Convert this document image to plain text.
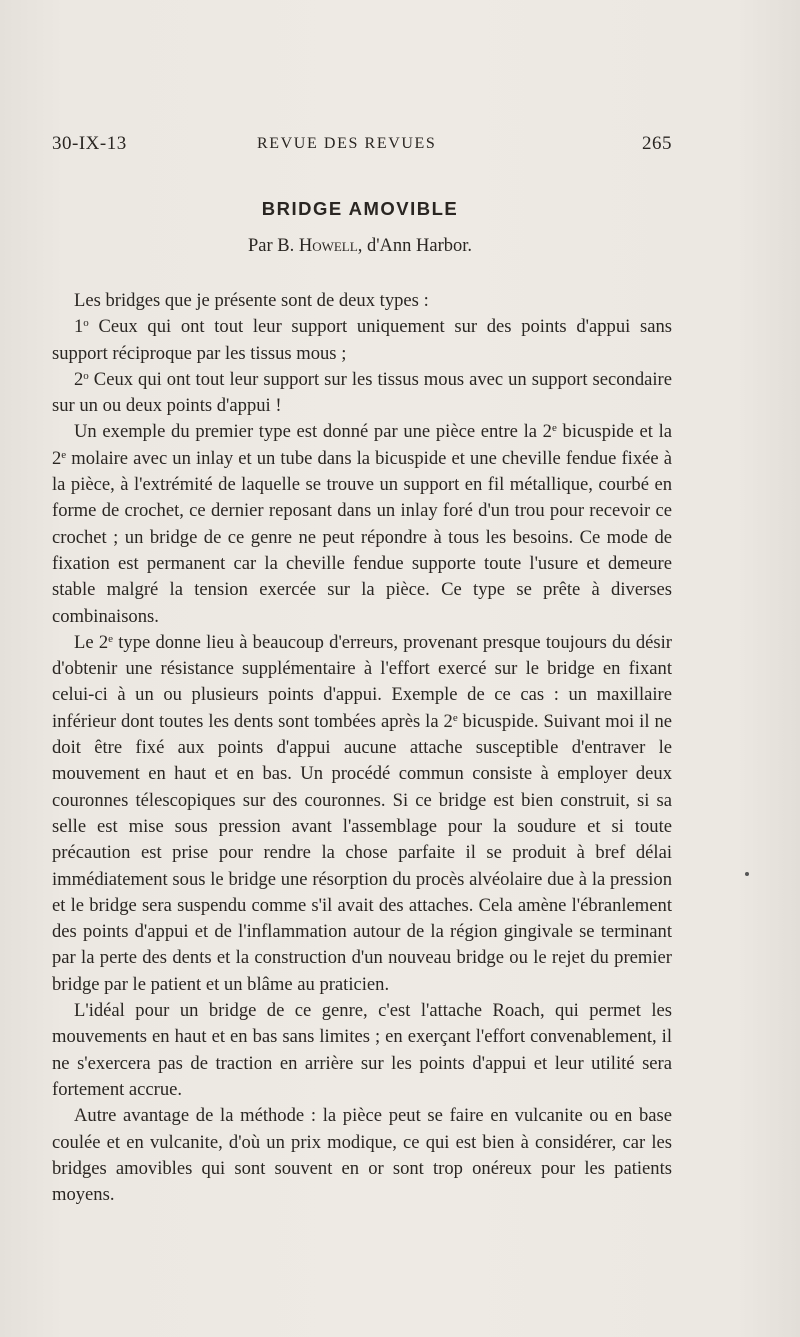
30-IX-13	REVUE DES REVUES	265
BRIDGE AMOVIBLE
Par B. Howell, d'Ann Harbor.

Les bridges que je présente sont de deux types :

1$^o$ Ceux qui ont tout leur support uniquement sur des points d'appui sans support réciproque par les tissus mous ;

2$^o$ Ceux qui ont tout leur support sur les tissus mous avec un support secondaire sur un ou deux points d'appui !

Un exemple du premier type est donné par une pièce entre la 2e bicuspide et la 2e molaire avec un inlay et un tube dans la bicuspide et une cheville fendue fixée à la pièce, à l'extrémité de laquelle se trouve un support en fil métallique, courbé en forme de crochet, ce dernier reposant dans un inlay foré d'un trou pour recevoir ce crochet ; un bridge de ce genre ne peut répondre à tous les besoins. Ce mode de fixation est permanent car la cheville fendue supporte toute l'usure et demeure stable malgré la tension exercée sur la pièce. Ce type se prête à diverses combinaisons.

Le 2e type donne lieu à beaucoup d'erreurs, provenant presque toujours du désir d'obtenir une résistance supplémentaire à l'effort exercé sur le bridge en fixant celui-ci à un ou plusieurs points d'appui. Exemple de ce cas : un maxillaire inférieur dont toutes les dents sont tombées après la 2e bicuspide. Suivant moi il ne doit être fixé aux points d'appui aucune attache susceptible d'entraver le mouvement en haut et en bas. Un procédé commun consiste à employer deux couronnes télescopiques sur des couronnes. Si ce bridge est bien construit, si sa selle est mise sous pression avant l'assemblage pour la soudure et si toute précaution est prise pour rendre la chose parfaite il se produit à bref délai immédiatement sous le bridge une résorption du procès alvéolaire due à la pression et le bridge sera suspendu comme s'il avait des attaches. Cela amène l'ébranlement des points d'appui et de l'inflammation autour de la région gingivale se terminant par la perte des dents et la construction d'un nouveau bridge ou le rejet du premier bridge par le patient et un blâme au praticien.

L'idéal pour un bridge de ce genre, c'est l'attache Roach, qui permet les mouvements en haut et en bas sans limites ; en exerçant l'effort convenablement, il ne s'exercera pas de traction en arrière sur les points d'appui et leur utilité sera fortement accrue.

Autre avantage de la méthode : la pièce peut se faire en vulcanite ou en base coulée et en vulcanite, d'où un prix modique, ce qui est bien à considérer, car les bridges amovibles qui sont souvent en or sont trop onéreux pour les patients moyens.
